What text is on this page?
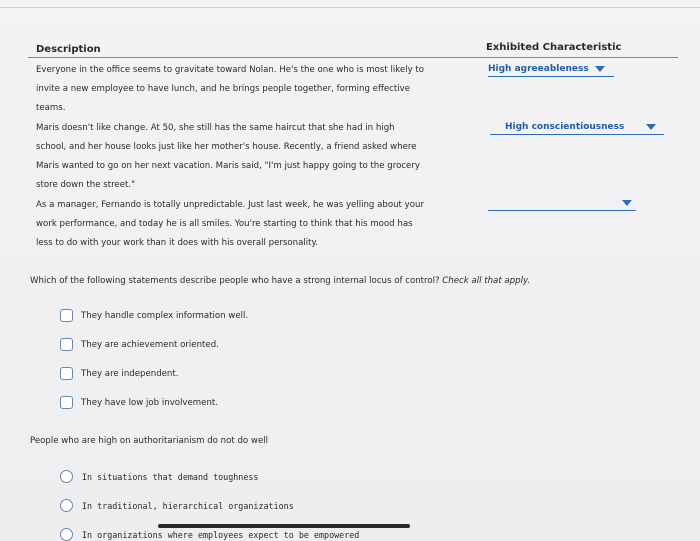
Description	Exhibited Characteristic
Everyone in the office seems to gravitate toward Nolan. He's the one who is most likely to
invite a new employee to have lunch, and he brings people together, forming effective
teams.
High agreeableness
Maris doesn't like change. At 50, she still has the same haircut that she had in high
school, and her house looks just like her mother's house. Recently, a friend asked where
Maris wanted to go on her next vacation. Maris said, "I'm just happy going to the grocery
store down the street."
High conscientiousness
As a manager, Fernando is totally unpredictable. Just last week, he was yelling about your
work performance, and today he is all smiles. You're starting to think that his mood has
less to do with your work than it does with his overall personality.
Which of the following statements describe people who have a strong internal locus of control? Check all that apply.
They handle complex information well.
They are achievement oriented.
They are independent.
They have low job involvement.
People who are high on authoritarianism do not do well
In situations that demand toughness
In traditional, hierarchical organizations
In organizations where employees expect to be empowered
